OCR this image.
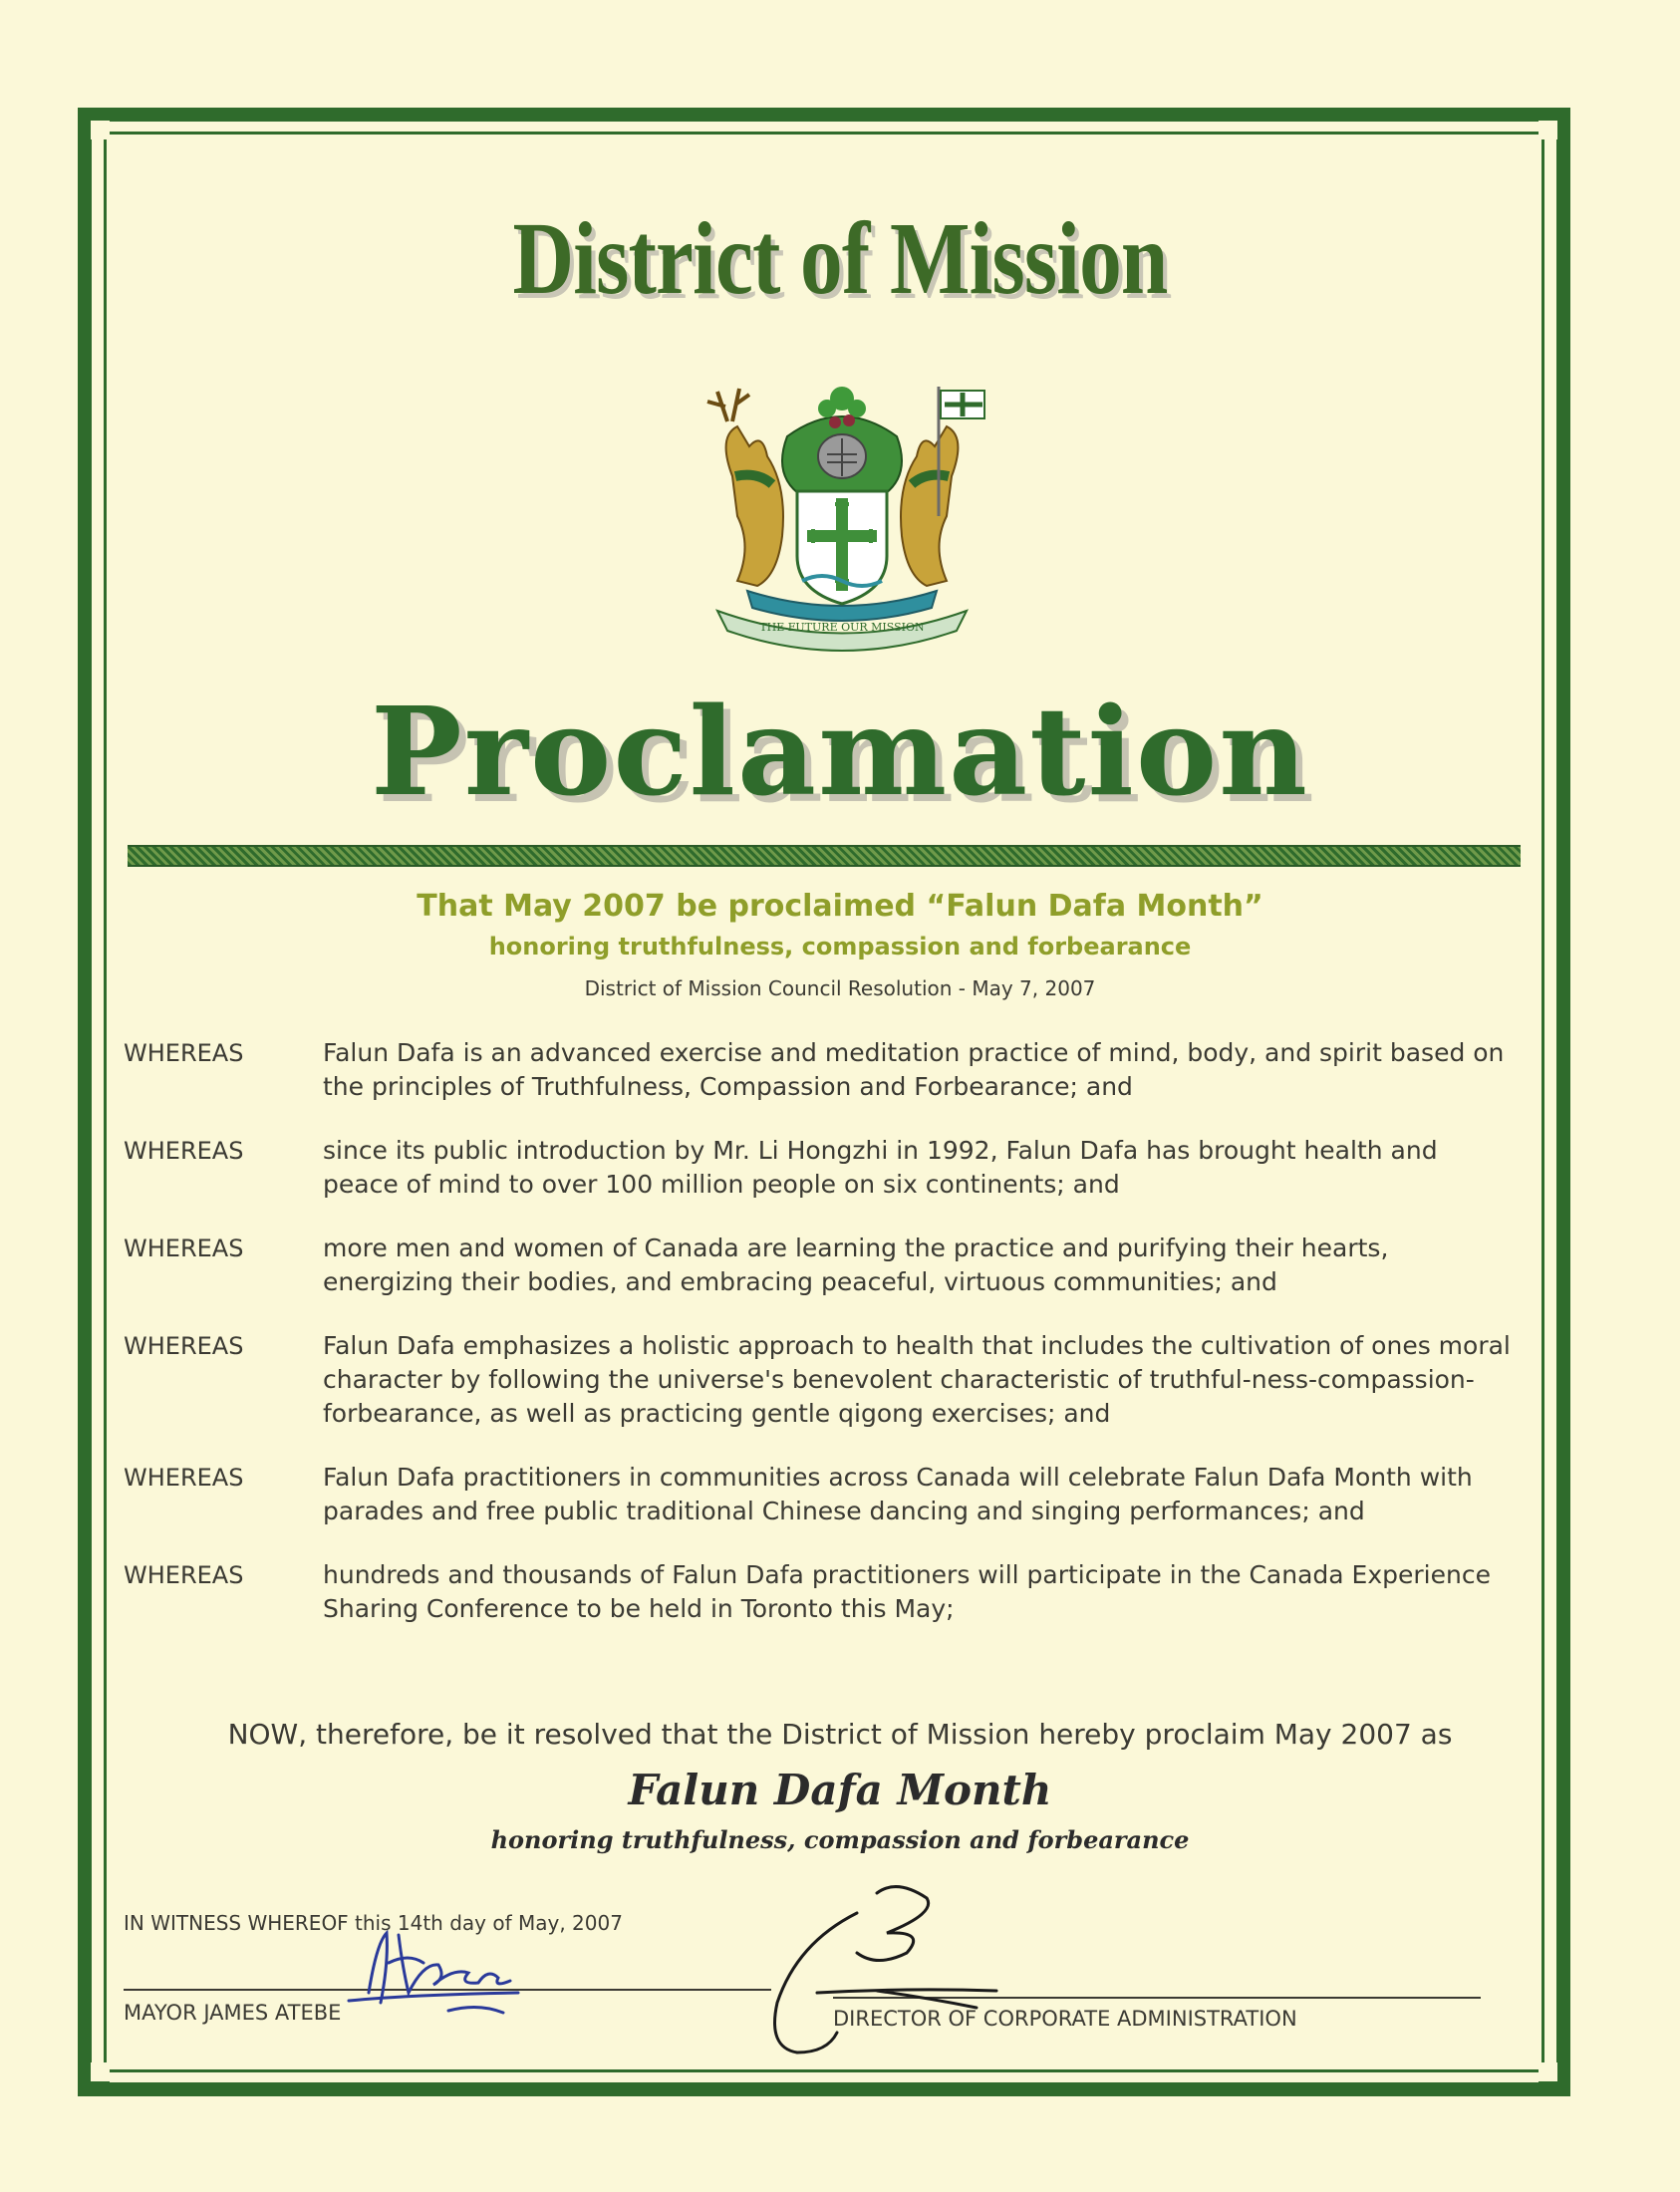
District of Mission
THE FUTURE OUR MISSION
Proclamation
That May 2007 be proclaimed “Falun Dafa Month”
honoring truthfulness, compassion and forbearance
District of Mission Council Resolution - May 7, 2007
WHEREAS	Falun Dafa is an advanced exercise and meditation practice of mind, body, and spirit based on the principles of Truthfulness, Compassion and Forbearance; and
WHEREAS	since its public introduction by Mr. Li Hongzhi in 1992, Falun Dafa has brought health and peace of mind to over 100 million people on six continents; and
WHEREAS	more men and women of Canada are learning the practice and purifying their hearts, energizing their bodies, and embracing peaceful, virtuous communities; and
WHEREAS	Falun Dafa emphasizes a holistic approach to health that includes the cultivation of ones moral character by following the universe's benevolent characteristic of truthful-ness-compassion-forbearance, as well as practicing gentle qigong exercises; and
WHEREAS	Falun Dafa practitioners in communities across Canada will celebrate Falun Dafa Month with parades and free public traditional Chinese dancing and singing performances; and
WHEREAS	hundreds and thousands of Falun Dafa practitioners will participate in the Canada Experience Sharing Conference to be held in Toronto this May;
NOW, therefore, be it resolved that the District of Mission hereby proclaim May 2007 as
Falun Dafa Month
honoring truthfulness, compassion and forbearance
IN WITNESS WHEREOF this 14th day of May, 2007
MAYOR JAMES ATEBE	DIRECTOR OF CORPORATE ADMINISTRATION
